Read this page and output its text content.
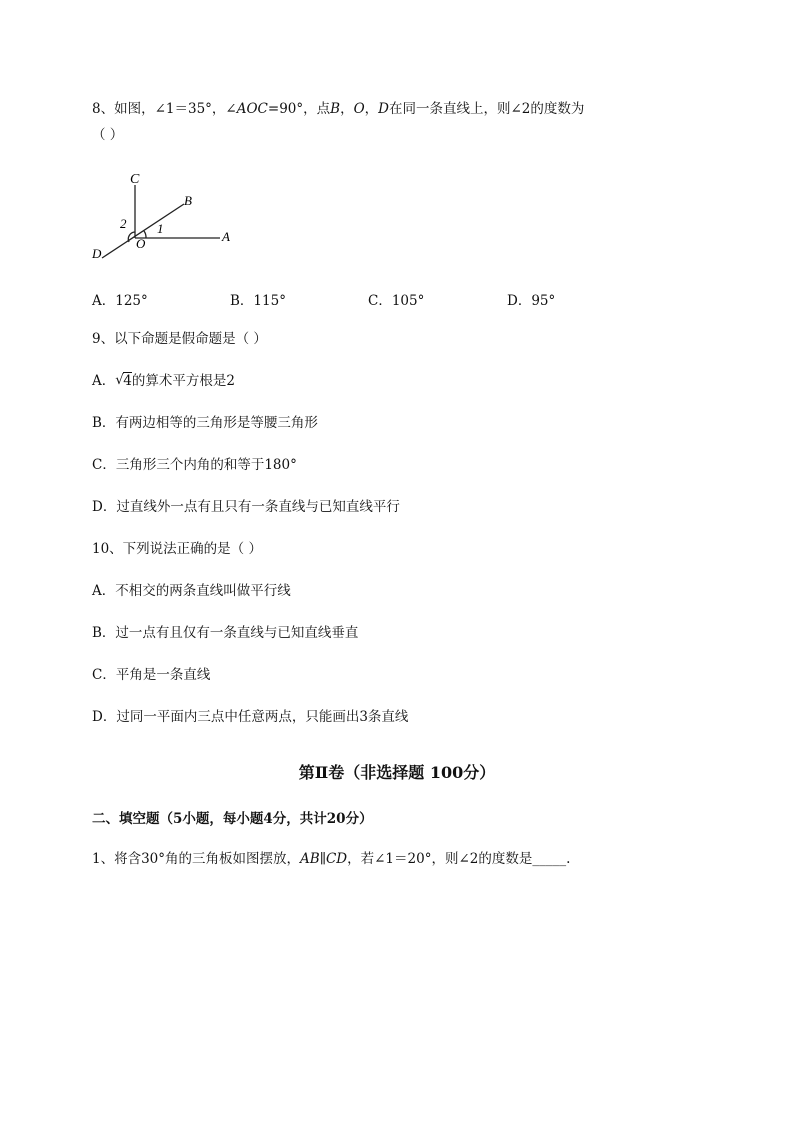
8、如图，∠1＝35°，∠AOC=90°，点B，O，D在同一条直线上，则∠2的度数为
（ ）
C
B
2 1
O	A
D
A．125°	B．115°	C．105°	D．95°
9、以下命题是假命题是（ ）
A． √ 4的算术平方根是2
B．有两边相等的三角形是等腰三角形
C．三角形三个内角的和等于180°
D．过直线外一点有且只有一条直线与已知直线平行
10、下列说法正确的是（ ）
A．不相交的两条直线叫做平行线
B．过一点有且仅有一条直线与已知直线垂直
C．平角是一条直线
D．过同一平面内三点中任意两点，只能画出3条直线
第Ⅱ卷（非选择题 100分）
二、填空题（5小题，每小题4分，共计20分）
1、将含30°角的三角板如图摆放，AB∥CD，若∠1＝20°，则∠2的度数是_____.
